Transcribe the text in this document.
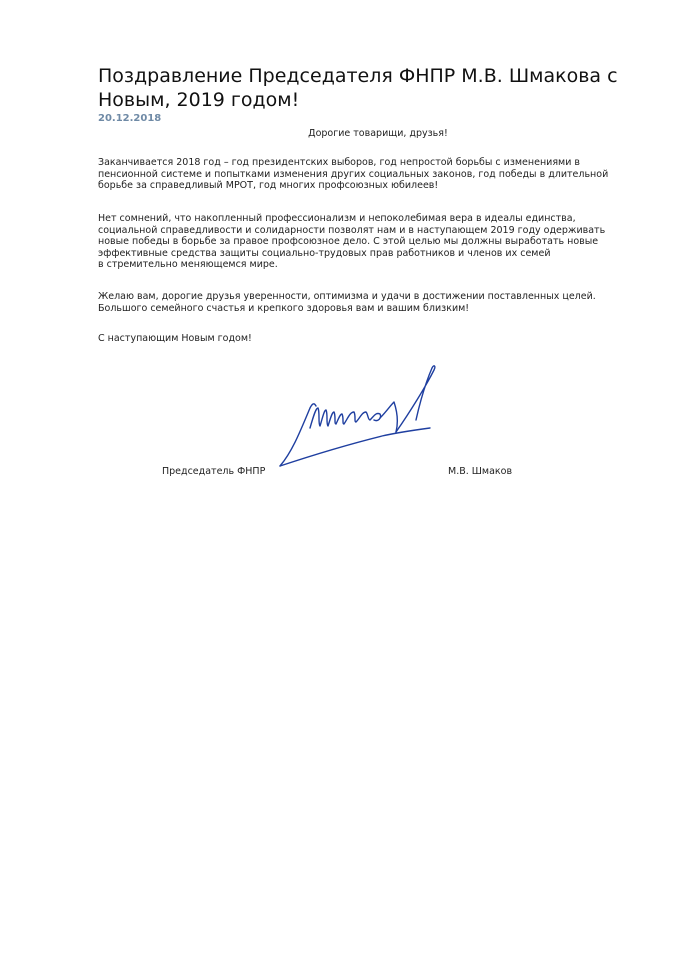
Поздравление Председателя ФНПР М.В. Шмакова с Новым, 2019 годом!
20.12.2018
Дорогие товарищи, друзья!

Заканчивается 2018 год – год президентских выборов, год непростой борьбы с изменениями в
пенсионной системе и попытками изменения других социальных законов, год победы в длительной
борьбе за справедливый МРОТ, год многих профсоюзных юбилеев!

Нет сомнений, что накопленный профессионализм и непоколебимая вера в идеалы единства,
социальной справедливости и солидарности позволят нам и в наступающем 2019 году одерживать
новые победы в борьбе за правое профсоюзное дело. С этой целью мы должны выработать новые
эффективные средства защиты социально-трудовых прав работников и членов их семей
в стремительно меняющемся мире.

Желаю вам, дорогие друзья уверенности, оптимизма и удачи в достижении поставленных целей.
Большого семейного счастья и крепкого здоровья вам и вашим близким!

С наступающим Новым годом!

Председатель ФНПР	М.В. Шмаков
